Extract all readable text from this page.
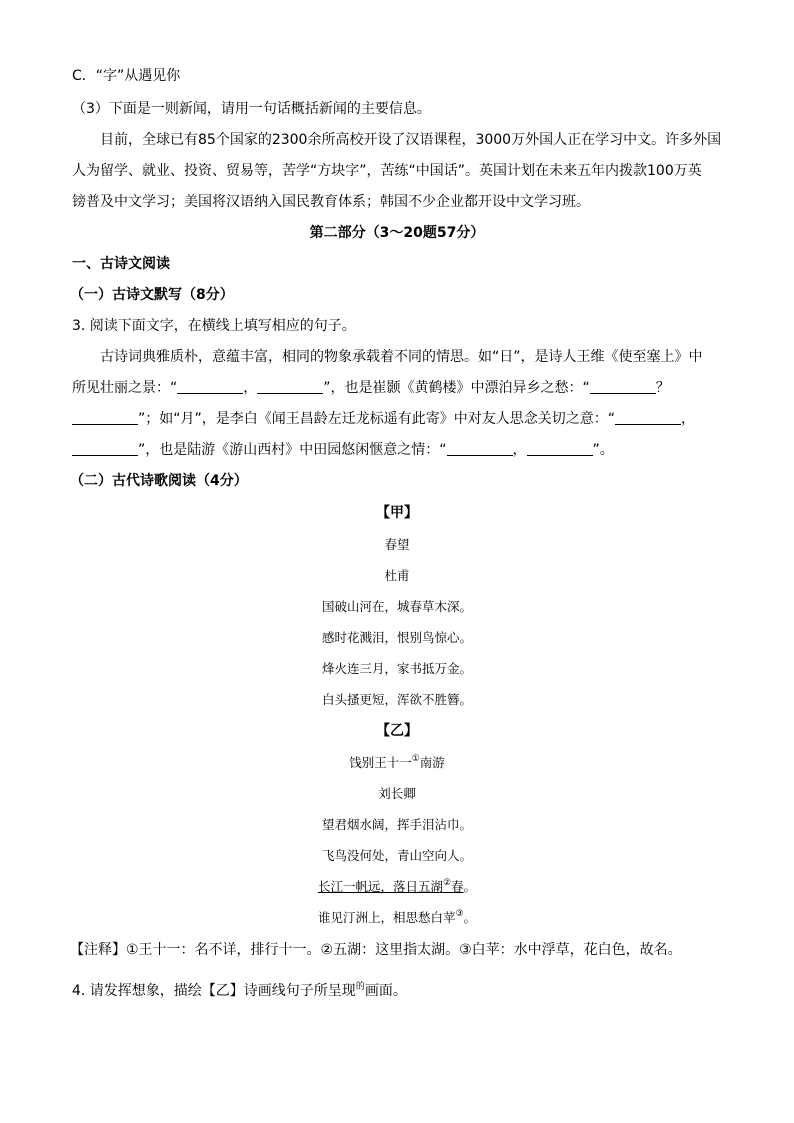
C．“字”从遇见你
（3）下面是一则新闻，请用一句话概括新闻的主要信息。
目前，全球已有85个国家的2300余所高校开设了汉语课程，3000万外国人正在学习中文。许多外国
人为留学、就业、投资、贸易等，苦学“方块字”，苦练“中国话”。英国计划在未来五年内拨款100万英
镑普及中文学习；美国将汉语纳入国民教育体系；韩国不少企业都开设中文学习班。
第二部分（3～20题57分）
一、古诗文阅读
（一）古诗文默写（8分）
3. 阅读下面文字，在横线上填写相应的句子。
古诗词典雅质朴，意蕴丰富，相同的物象承载着不同的情思。如“日”，是诗人王维《使至塞上》中
所见壮丽之景：“	，	”，也是崔颢《黄鹤楼》中漂泊异乡之愁：“	？
”；如“月”，是李白《闻王昌龄左迁龙标遥有此寄》中对友人思念关切之意：“	，
”，也是陆游《游山西村》中田园悠闲惬意之情：“	，	”。
（二）古代诗歌阅读（4分）
【甲】
春望
杜甫
国破山河在，城春草木深。
感时花溅泪，恨别鸟惊心。
烽火连三月，家书抵万金。
白头搔更短，浑欲不胜簪。
【乙】
饯别王十一①南游
刘长卿
望君烟水阔，挥手泪沾巾。
飞鸟没何处，青山空向人。
长江一帆远，落日五湖②春。
谁见汀洲上，相思愁白苹③。
【注释】①王十一：名不详，排行十一。②五湖：这里指太湖。③白苹：水中浮草，花白色，故名。
4. 请发挥想象，描绘【乙】诗画线句子所呈现$^的$画面。
